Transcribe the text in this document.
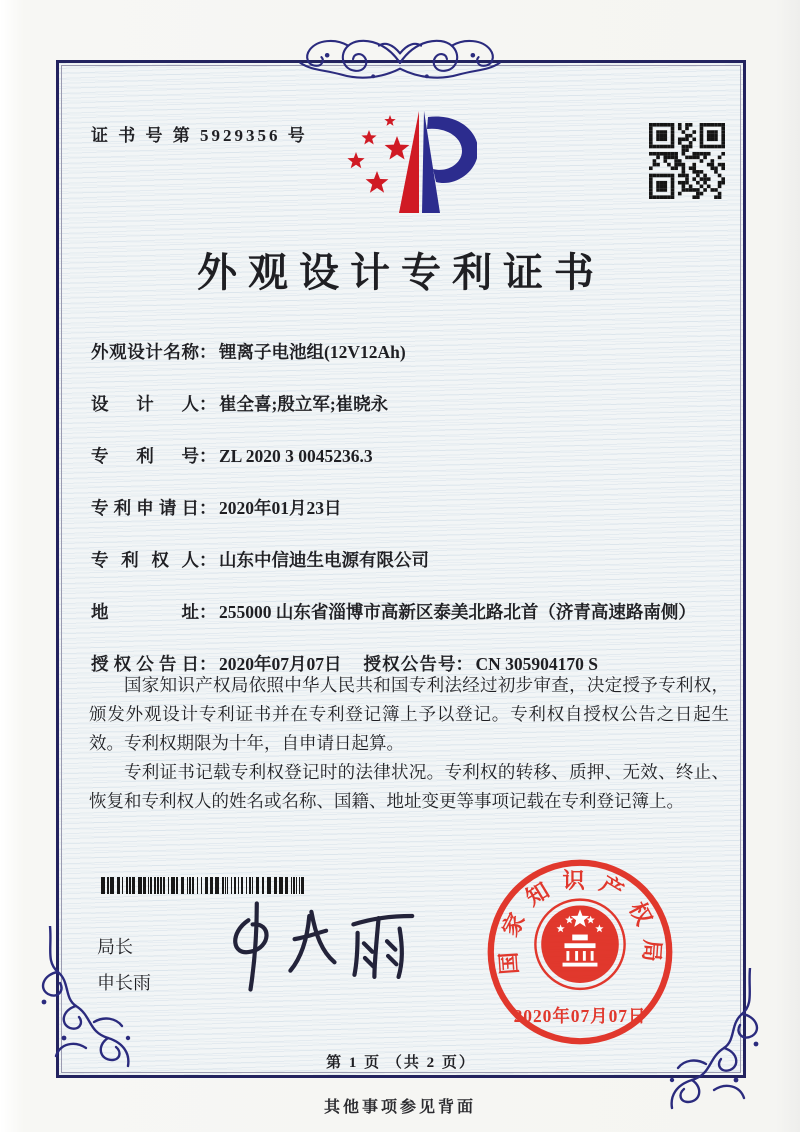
证 书 号 第 5929356 号
外观设计专利证书
外观设计名称 ： 锂离子电池组(12V12Ah)
设计人 ： 崔全喜;殷立军;崔晓永
专利号 ： ZL 2020 3 0045236.3
专利申请日 ： 2020年01月23日
专利权人 ： 山东中信迪生电源有限公司
地址 ： 255000 山东省淄博市高新区泰美北路北首（济青高速路南侧）
授权公告日 ： 2020年07月07日 授权公告号 ： CN 305904170 S

国家知识产权局依照中华人民共和国专利法经过初步审查，决定授予专利权，颁发外观设计专利证书并在专利登记簿上予以登记。专利权自授权公告之日起生效。专利权期限为十年，自申请日起算。

专利证书记载专利权登记时的法律状况。专利权的转移、质押、无效、终止、恢复和专利权人的姓名或名称、国籍、地址变更等事项记载在专利登记簿上。

局长
申长雨
国家知识产权局
2020年07月07日
第 1 页 （共 2 页）
其他事项参见背面
